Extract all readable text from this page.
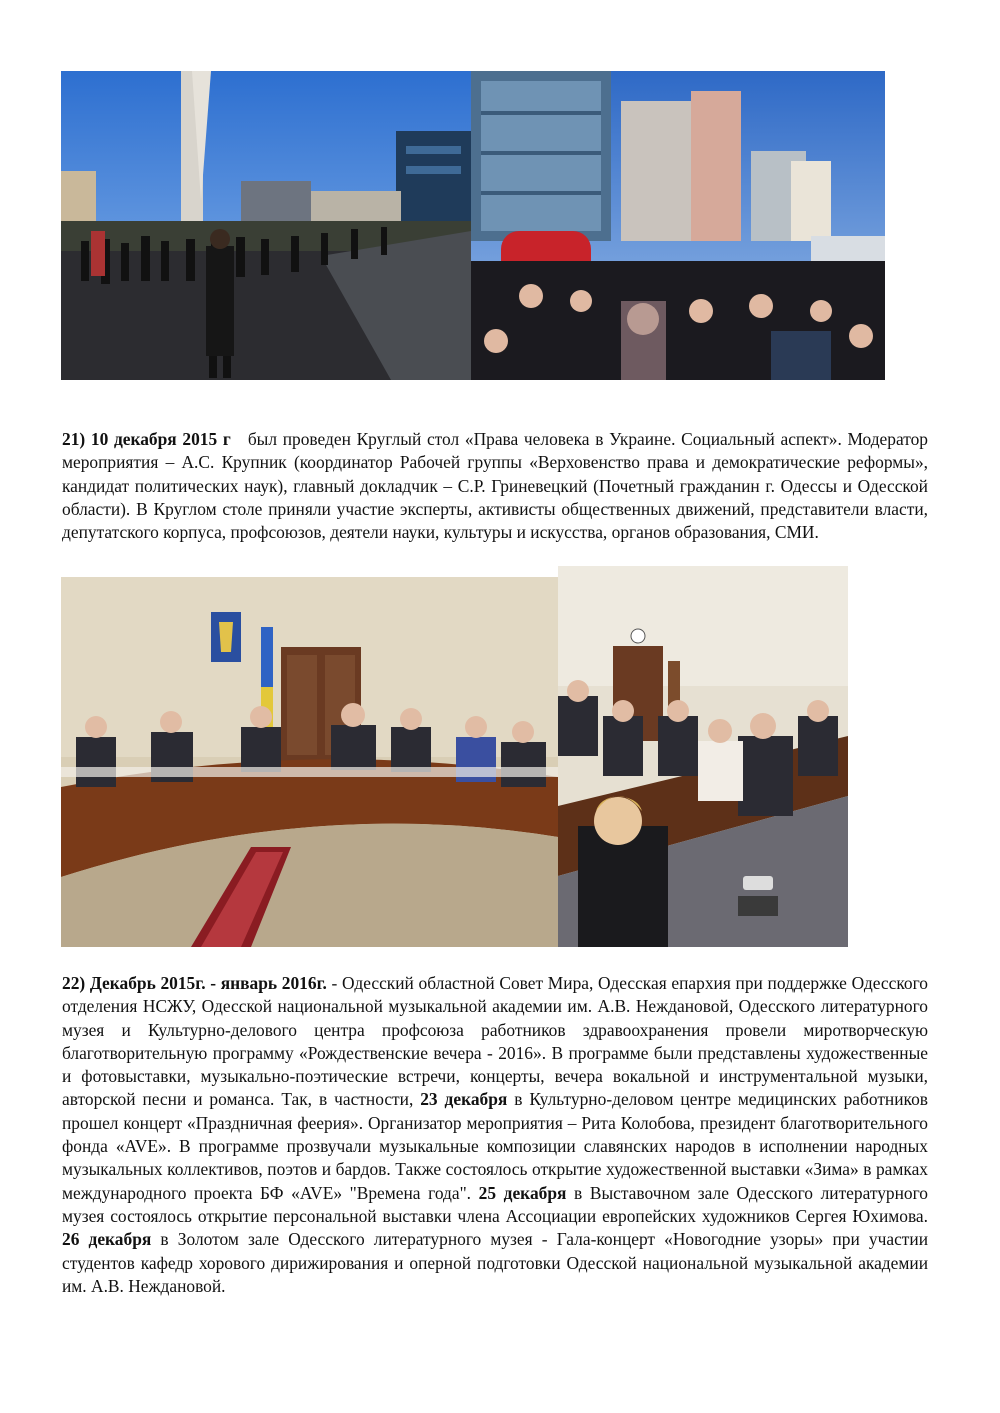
21) 10 декабря 2015 г был проведен Круглый стол «Права человека в Украине. Социальный аспект». Модератор мероприятия – А.С. Крупник (координатор Рабочей группы «Верховенство права и демократические реформы», кандидат политических наук), главный докладчик – С.Р. Гриневецкий (Почетный гражданин г. Одессы и Одесской области). В Круглом столе приняли участие эксперты, активисты общественных движений, представители власти, депутатского корпуса, профсоюзов, деятели науки, культуры и искусства, органов образования, СМИ.

22) Декабрь 2015г. - январь 2016г. - Одесский областной Совет Мира, Одесская епархия при поддержке Одесского отделения НСЖУ, Одесской национальной музыкальной академии им. А.В. Неждановой, Одесского литературного музея и Культурно-делового центра профсоюза работников здравоохранения провели миротворческую благотворительную программу «Рождественские вечера - 2016». В программе были представлены художественные и фотовыставки, музыкально-поэтические встречи, концерты, вечера вокальной и инструментальной музыки, авторской песни и романса. Так, в частности, 23 декабря в Культурно-деловом центре медицинских работников прошел концерт «Праздничная феерия». Организатор мероприятия – Рита Колобова, президент благотворительного фонда «AVE». В программе прозвучали музыкальные композиции славянских народов в исполнении народных музыкальных коллективов, поэтов и бардов. Также состоялось открытие художественной выставки «Зима» в рамках международного проекта БФ «AVE» "Времена года". 25 декабря в Выставочном зале Одесского литературного музея состоялось открытие персональной выставки члена Ассоциации европейских художников Сергея Юхимова. 26 декабря в Золотом зале Одесского литературного музея - Гала-концерт «Новогодние узоры» при участии студентов кафедр хорового дирижирования и оперной подготовки Одесской национальной музыкальной академии им. А.В. Неждановой.
